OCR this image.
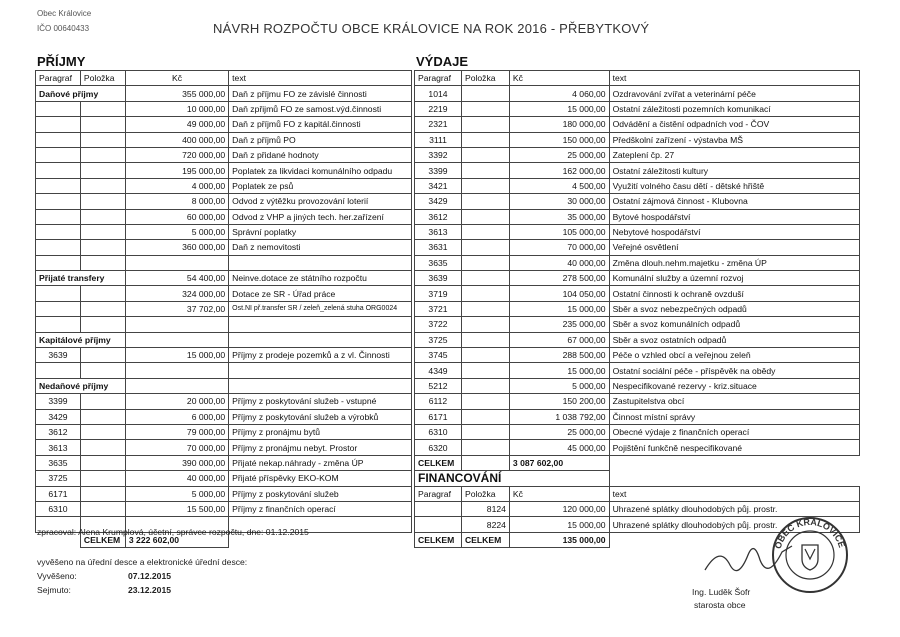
Obec Královice
IČO 00640433	NÁVRH ROZPOČTU OBCE KRÁLOVICE NA ROK 2016 - PŘEBYTKOVÝ
PŘÍJMY	VÝDAJE
Paragraf	Položka	Kč	text
Daňové příjmy		355 000,00	Daň z příjmu FO ze závislé činnosti
		10 000,00	Daň zpřijmů FO ze samost.výd.činnosti
		49 000,00	Daň z příjmů FO z kapitál.činnosti
		400 000,00	Daň z příjmů PO
		720 000,00	Daň z přidané hodnoty
		195 000,00	Poplatek za likvidaci komunálního odpadu
		4 000,00	Poplatek ze psů
		8 000,00	Odvod z výtěžku provozování loterií
		60 000,00	Odvod z VHP a jiných tech. her.zařízení
		5 000,00	Správní poplatky
		360 000,00	Daň z nemovitosti

Přijaté transfery		54 400,00	Neinve.dotace ze státního rozpočtu
		324 000,00	Dotace ze SR - Úřad práce
		37 702,00	Ost.NI př.transfer SR / zeleň_zelená stuha ORG0024

Kapitálové příjmy			
3639		15 000,00	Příjmy z prodeje pozemků a z vl. Činnosti

Nedaňové příjmy			
3399		20 000,00	Příjmy z poskytování služeb - vstupné
3429		6 000,00	Příjmy z poskytování služeb a výrobků
3612		79 000,00	Příjmy z pronájmu bytů
3613		70 000,00	Příjmy z pronájmu nebyt. Prostor
3635		390 000,00	Přijaté nekap.náhrady - změna ÚP
3725		40 000,00	Přijaté příspěvky EKO-KOM
6171		5 000,00	Příjmy z poskytování služeb
6310		15 500,00	Příjmy z finančních operací

	CELKEM	3 222 602,00	
Paragraf	Položka	Kč	text
1014		4 060,00	Ozdravování zvířat a veterinární péče
2219		15 000,00	Ostatní záležitosti pozemních komunikací
2321		180 000,00	Odvádění a čistění odpadních vod - ČOV
3111		150 000,00	Předškolní zařízení - výstavba MŠ
3392		25 000,00	Zateplení čp. 27
3399		162 000,00	Ostatní záležitosti kultury
3421		4 500,00	Využití volného času dětí - dětské hřiště
3429		30 000,00	Ostatní zájmová činnost - Klubovna
3612		35 000,00	Bytové hospodářství
3613		105 000,00	Nebytové hospodářství
3631		70 000,00	Veřejné osvětlení
3635		40 000,00	Změna dlouh.nehm.majetku - změna ÚP
3639		278 500,00	Komunální služby a územní rozvoj
3719		104 050,00	Ostatní činnosti k ochraně ovzduší
3721		15 000,00	Sběr a svoz nebezpečných odpadů
3722		235 000,00	Sběr a svoz komunálních odpadů
3725		67 000,00	Sběr a svoz ostatních odpadů
3745		288 500,00	Péče o vzhled obcí a veřejnou zeleň
4349		15 000,00	Ostatní sociální péče - příspěvěk na obědy
5212		5 000,00	Nespecifikované rezervy - kriz.situace
6112		150 200,00	Zastupitelstva obcí
6171		1 038 792,00	Činnost místní správy
6310		25 000,00	Obecné výdaje z finančních operací
6320		45 000,00	Pojištění funkčně nespecifikované
CELKEM		3 087 602,00	
FINANCOVÁNÍ			
Paragraf	Položka	Kč	text
	8124	120 000,00	Uhrazené splátky dlouhodobých půj. prostr.
	8224	15 000,00	Uhrazené splátky dlouhodobých půj. prostr.
CELKEM	CELKEM	135 000,00	
zpracoval: Alena Krumplová, účetní, správce rozpočtu, dne: 01.12.2015
vyvěšeno na úřední desce a elektronické úřední desce:
Vyvěšeno:	07.12.2015
Sejmuto:	23.12.2015
OBEC KRÁLOVICE
Ing. Luděk Šofr
starosta obce
